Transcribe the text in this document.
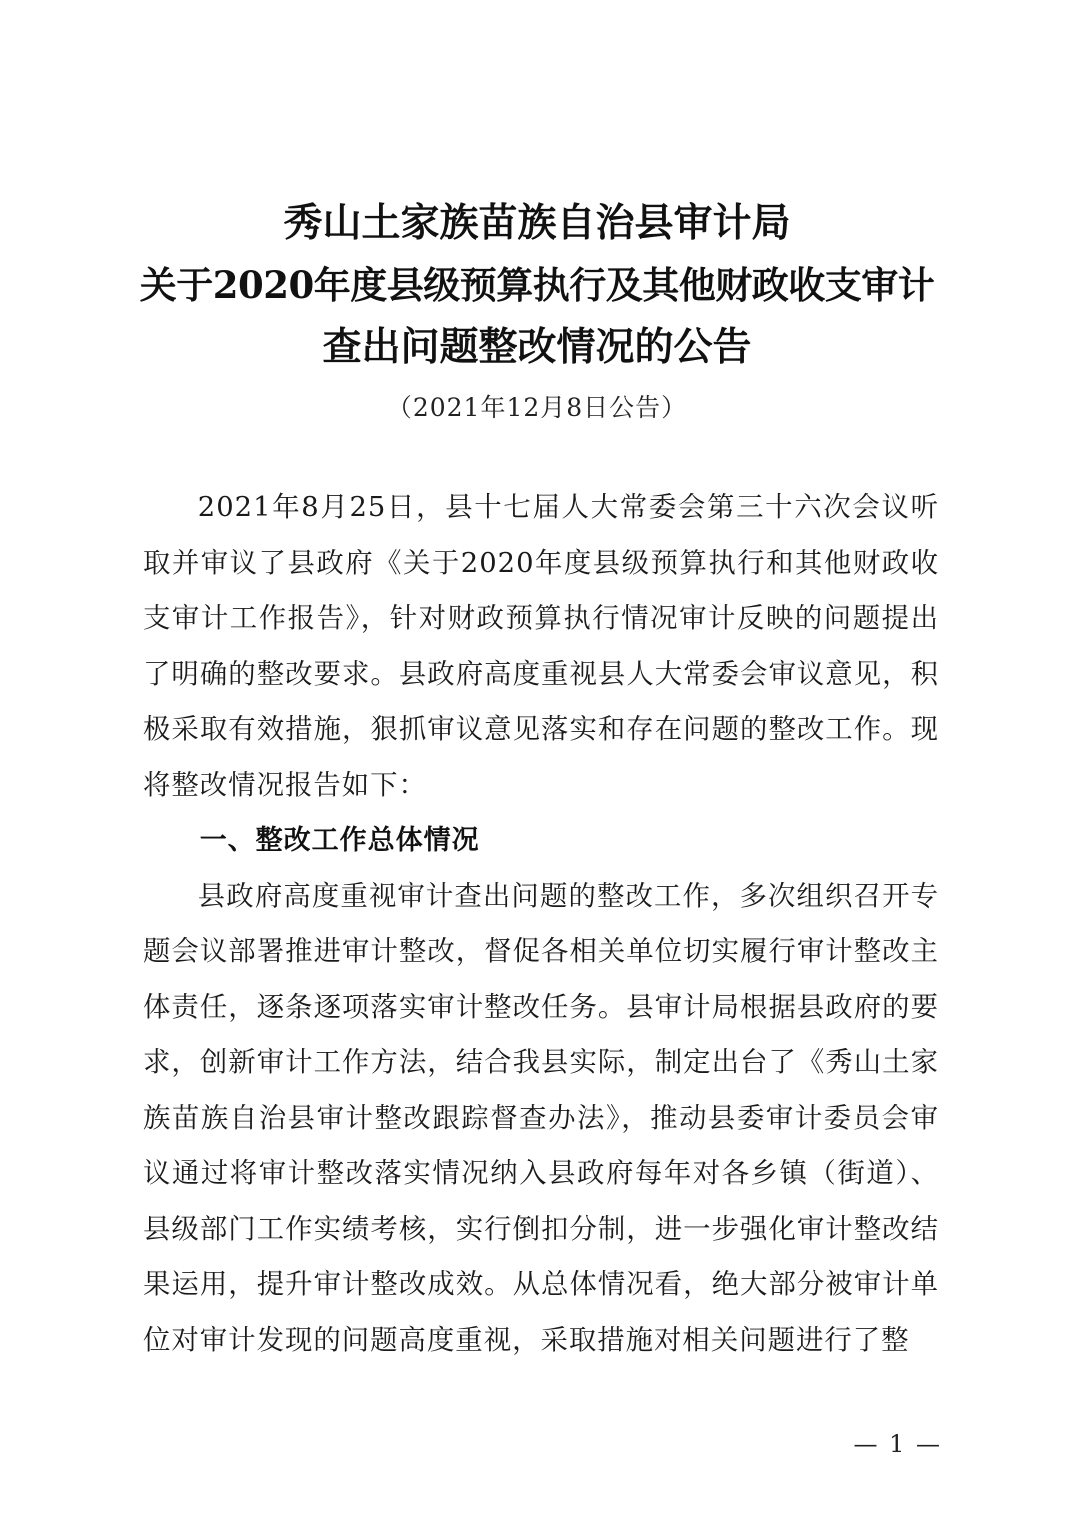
秀山土家族苗族自治县审计局
关于2020年度县级预算执行及其他财政收支审计
查出问题整改情况的公告
（2021年12月8日公告）

2021年8月25日，县十七届人大常委会第三十六次会议听取并审议了县政府《关于2020年度县级预算执行和其他财政收支审计工作报告》，针对财政预算执行情况审计反映的问题提出了明确的整改要求。县政府高度重视县人大常委会审议意见，积极采取有效措施，狠抓审议意见落实和存在问题的整改工作。现将整改情况报告如下：

一、整改工作总体情况

县政府高度重视审计查出问题的整改工作，多次组织召开专题会议部署推进审计整改，督促各相关单位切实履行审计整改主体责任，逐条逐项落实审计整改任务。县审计局根据县政府的要求，创新审计工作方法，结合我县实际，制定出台了《秀山土家族苗族自治县审计整改跟踪督查办法》，推动县委审计委员会审议通过将审计整改落实情况纳入县政府每年对各乡镇（街道）、县级部门工作实绩考核，实行倒扣分制，进一步强化审计整改结果运用，提升审计整改成效。从总体情况看，绝大部分被审计单位对审计发现的问题高度重视，采取措施对相关问题进行了整

— 1 —
